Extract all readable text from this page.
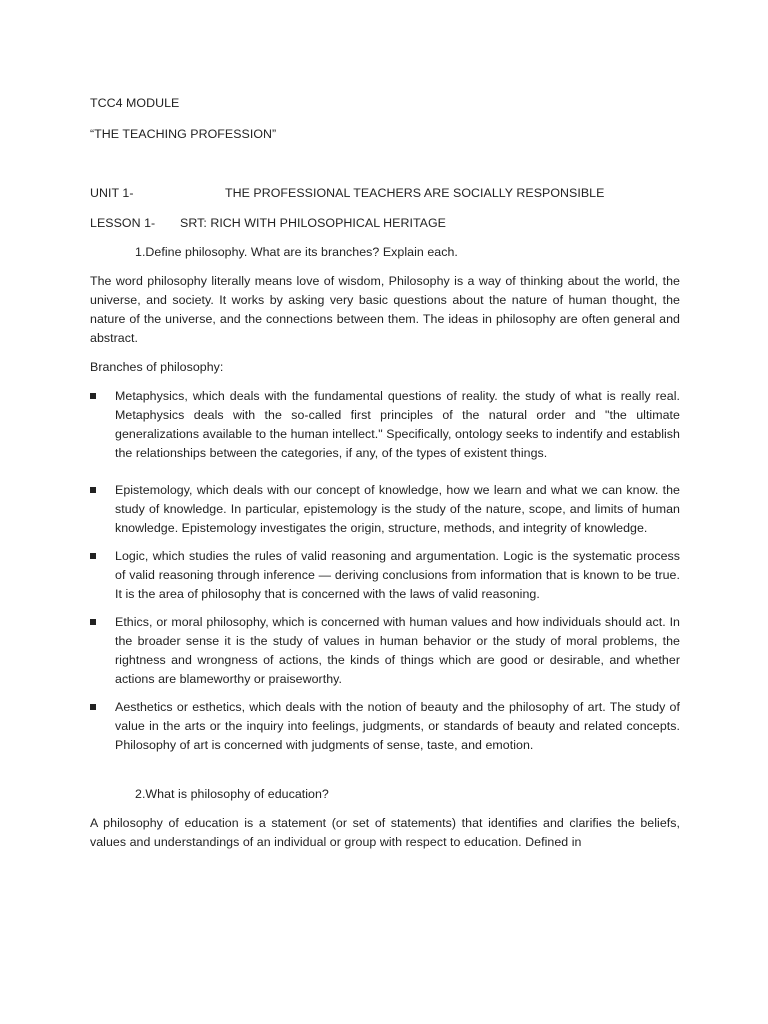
TCC4 MODULE

“THE TEACHING PROFESSION”

UNIT 1-	THE PROFESSIONAL TEACHERS ARE SOCIALLY RESPONSIBLE
LESSON 1-	SRT: RICH WITH PHILOSOPHICAL HERITAGE

1.Define philosophy. What are its branches? Explain each.

The word philosophy literally means love of wisdom, Philosophy is a way of thinking about the world, the universe, and society. It works by asking very basic questions about the nature of human thought, the nature of the universe, and the connections between them. The ideas in philosophy are often general and abstract.

Branches of philosophy:

Metaphysics, which deals with the fundamental questions of reality. the study of what is really real. Metaphysics deals with the so-called first principles of the natural order and "the ultimate generalizations available to the human intellect." Specifically, ontology seeks to indentify and establish the relationships between the categories, if any, of the types of existent things.
Epistemology, which deals with our concept of knowledge, how we learn and what we can know. the study of knowledge. In particular, epistemology is the study of the nature, scope, and limits of human knowledge. Epistemology investigates the origin, structure, methods, and integrity of knowledge.
Logic, which studies the rules of valid reasoning and argumentation. Logic is the systematic process of valid reasoning through inference — deriving conclusions from information that is known to be true. It is the area of philosophy that is concerned with the laws of valid reasoning.
Ethics, or moral philosophy, which is concerned with human values and how individuals should act. In the broader sense it is the study of values in human behavior or the study of moral problems, the rightness and wrongness of actions, the kinds of things which are good or desirable, and whether actions are blameworthy or praiseworthy.
Aesthetics or esthetics, which deals with the notion of beauty and the philosophy of art. The study of value in the arts or the inquiry into feelings, judgments, or standards of beauty and related concepts. Philosophy of art is concerned with judgments of sense, taste, and emotion.

2.What is philosophy of education?

A philosophy of education is a statement (or set of statements) that identifies and clarifies the beliefs, values and understandings of an individual or group with respect to education. Defined in
